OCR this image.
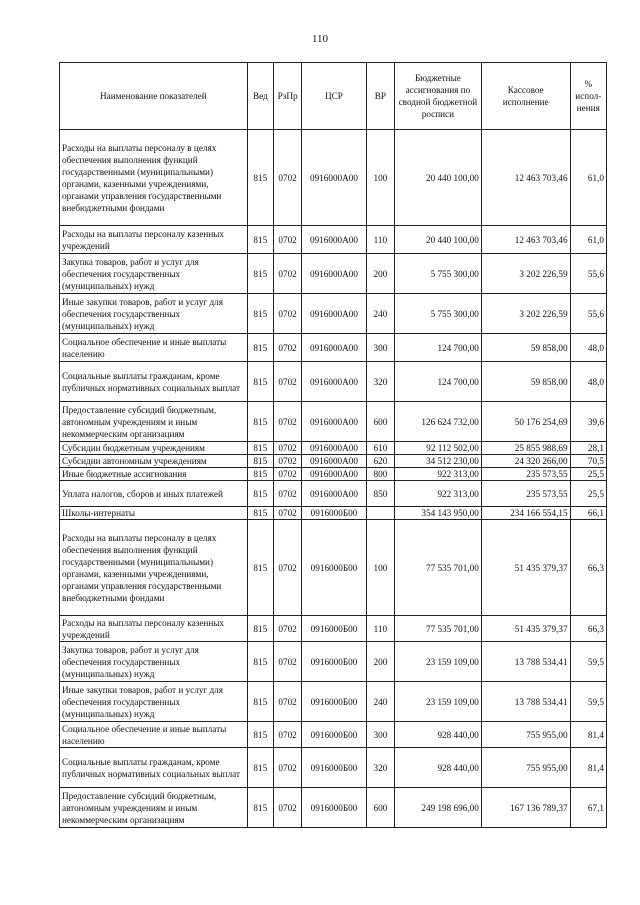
110
Наименование показателей	Вед	РзПр	ЦСР	ВР	Бюджетные ассигнования по сводной бюджетной росписи	Кассовое исполнение	% испол-нения
Расходы на выплаты персоналу в целях обеспечения выполнения функций государственными (муниципальными) органами, казенными учреждениями, органами управления государственными внебюджетными фондами	815	0702	0916000А00	100	20 440 100,00	12 463 703,46	61,0
Расходы на выплаты персоналу казенных учреждений	815	0702	0916000А00	110	20 440 100,00	12 463 703,46	61,0
Закупка товаров, работ и услуг для обеспечения государственных (муниципальных) нужд	815	0702	0916000А00	200	5 755 300,00	3 202 226,59	55,6
Иные закупки товаров, работ и услуг для обеспечения государственных (муниципальных) нужд	815	0702	0916000А00	240	5 755 300,00	3 202 226,59	55,6
Социальное обеспечение и иные выплаты населению	815	0702	0916000А00	300	124 700,00	59 858,00	48,0
Социальные выплаты гражданам, кроме публичных нормативных социальных выплат	815	0702	0916000А00	320	124 700,00	59 858,00	48,0
Предоставление субсидий бюджетным, автономным учреждениям и иным некоммерческим организациям	815	0702	0916000А00	600	126 624 732,00	50 176 254,69	39,6
Субсидии бюджетным учреждениям	815	0702	0916000А00	610	92 112 502,00	25 855 988,69	28,1
Субсидии автономным учреждениям	815	0702	0916000А00	620	34 512 230,00	24 320 266,00	70,5
Иные бюджетные ассигнования	815	0702	0916000А00	800	922 313,00	235 573,55	25,5
Уплата налогов, сборов и иных платежей	815	0702	0916000А00	850	922 313,00	235 573,55	25,5
Школы-интернаты	815	0702	0916000Б00		354 143 950,00	234 166 554,15	66,1
Расходы на выплаты персоналу в целях обеспечения выполнения функций государственными (муниципальными) органами, казенными учреждениями, органами управления государственными внебюджетными фондами	815	0702	0916000Б00	100	77 535 701,00	51 435 379,37	66,3
Расходы на выплаты персоналу казенных учреждений	815	0702	0916000Б00	110	77 535 701,00	51 435 379,37	66,3
Закупка товаров, работ и услуг для обеспечения государственных (муниципальных) нужд	815	0702	0916000Б00	200	23 159 109,00	13 788 534,41	59,5
Иные закупки товаров, работ и услуг для обеспечения государственных (муниципальных) нужд	815	0702	0916000Б00	240	23 159 109,00	13 788 534,41	59,5
Социальное обеспечение и иные выплаты населению	815	0702	0916000Б00	300	928 440,00	755 955,00	81,4
Социальные выплаты гражданам, кроме публичных нормативных социальных выплат	815	0702	0916000Б00	320	928 440,00	755 955,00	81,4
Предоставление субсидий бюджетным, автономным учреждениям и иным некоммерческим организациям	815	0702	0916000Б00	600	249 198 696,00	167 136 789,37	67,1
